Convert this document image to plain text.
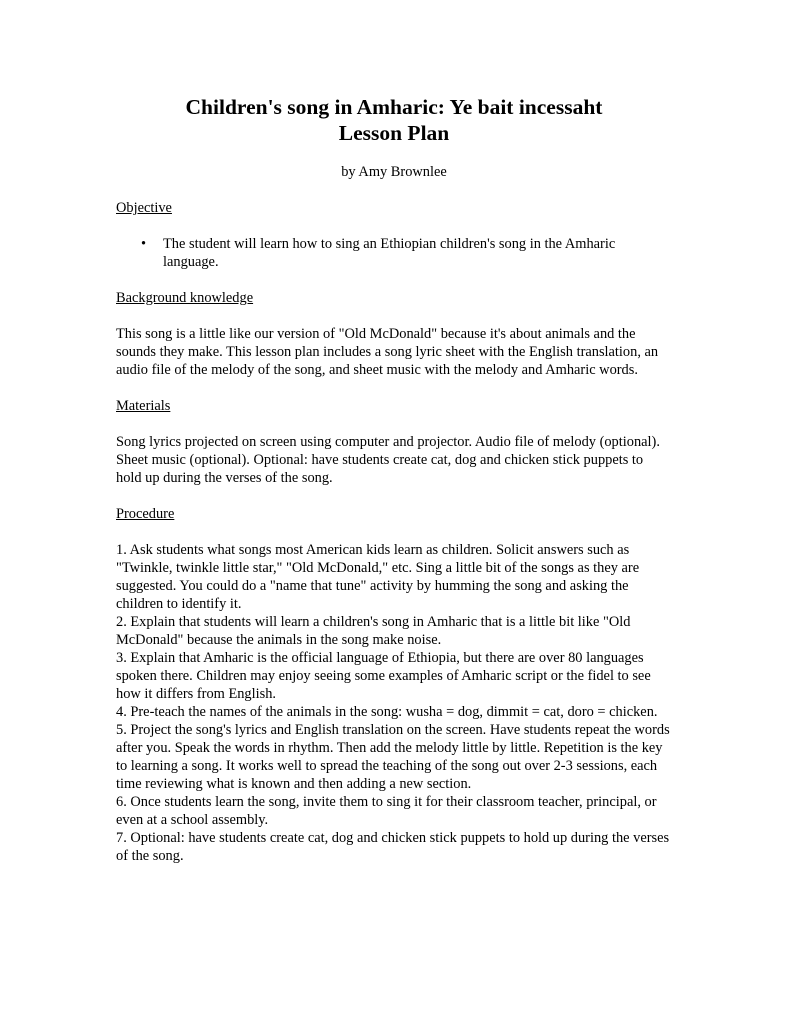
Children's song in Amharic: Ye bait incessaht
Lesson Plan

by Amy Brownlee

Objective

• The student will learn how to sing an Ethiopian children's song in the Amharic language.

Background knowledge

This song is a little like our version of "Old McDonald" because it's about animals and the sounds they make. This lesson plan includes a song lyric sheet with the English translation, an audio file of the melody of the song, and sheet music with the melody and Amharic words.

Materials

Song lyrics projected on screen using computer and projector. Audio file of melody (optional). Sheet music (optional). Optional: have students create cat, dog and chicken stick puppets to hold up during the verses of the song.

Procedure

1. Ask students what songs most American kids learn as children. Solicit answers such as "Twinkle, twinkle little star," "Old McDonald," etc. Sing a little bit of the songs as they are suggested. You could do a "name that tune" activity by humming the song and asking the children to identify it.

2. Explain that students will learn a children's song in Amharic that is a little bit like "Old McDonald" because the animals in the song make noise.

3. Explain that Amharic is the official language of Ethiopia, but there are over 80 languages spoken there. Children may enjoy seeing some examples of Amharic script or the fidel to see how it differs from English.

4. Pre-teach the names of the animals in the song: wusha = dog, dimmit = cat, doro = chicken.

5. Project the song's lyrics and English translation on the screen. Have students repeat the words after you. Speak the words in rhythm. Then add the melody little by little. Repetition is the key to learning a song. It works well to spread the teaching of the song out over 2-3 sessions, each time reviewing what is known and then adding a new section.

6. Once students learn the song, invite them to sing it for their classroom teacher, principal, or even at a school assembly.

7. Optional: have students create cat, dog and chicken stick puppets to hold up during the verses of the song.
